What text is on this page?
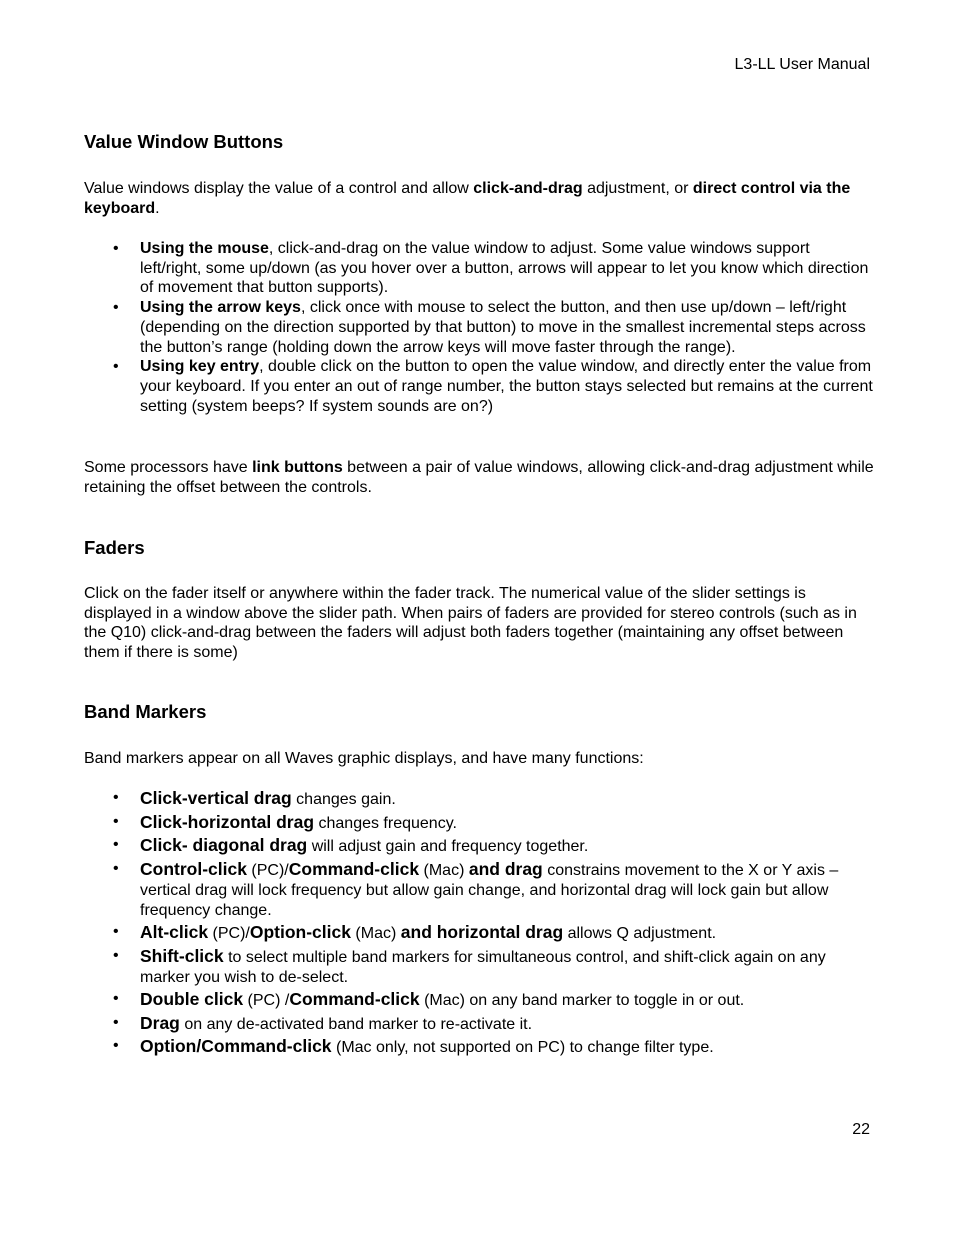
L3-LL User Manual
Value Window Buttons
Value windows display the value of a control and allow click-and-drag adjustment, or direct control via the keyboard.
• Using the mouse, click-and-drag on the value window to adjust. Some value windows support left/right, some up/down (as you hover over a button, arrows will appear to let you know which direction of movement that button supports).
• Using the arrow keys, click once with mouse to select the button, and then use up/down – left/right (depending on the direction supported by that button) to move in the smallest incremental steps across the button’s range (holding down the arrow keys will move faster through the range).
• Using key entry, double click on the button to open the value window, and directly enter the value from your keyboard. If you enter an out of range number, the button stays selected but remains at the current setting (system beeps? If system sounds are on?)
Some processors have link buttons between a pair of value windows, allowing click-and-drag adjustment while retaining the offset between the controls.
Faders
Click on the fader itself or anywhere within the fader track. The numerical value of the slider settings is displayed in a window above the slider path. When pairs of faders are provided for stereo controls (such as in the Q10) click-and-drag between the faders will adjust both faders together (maintaining any offset between them if there is some)
Band Markers
Band markers appear on all Waves graphic displays, and have many functions:
• Click-vertical drag changes gain.
• Click-horizontal drag changes frequency.
• Click- diagonal drag will adjust gain and frequency together.
• Control-click (PC)/Command-click (Mac) and drag constrains movement to the X or Y axis – vertical drag will lock frequency but allow gain change, and horizontal drag will lock gain but allow frequency change.
• Alt-click (PC)/Option-click (Mac) and horizontal drag allows Q adjustment.
• Shift-click to select multiple band markers for simultaneous control, and shift-click again on any marker you wish to de-select.
• Double click (PC) /Command-click (Mac) on any band marker to toggle in or out.
• Drag on any de-activated band marker to re-activate it.
• Option/Command-click (Mac only, not supported on PC) to change filter type.
22
